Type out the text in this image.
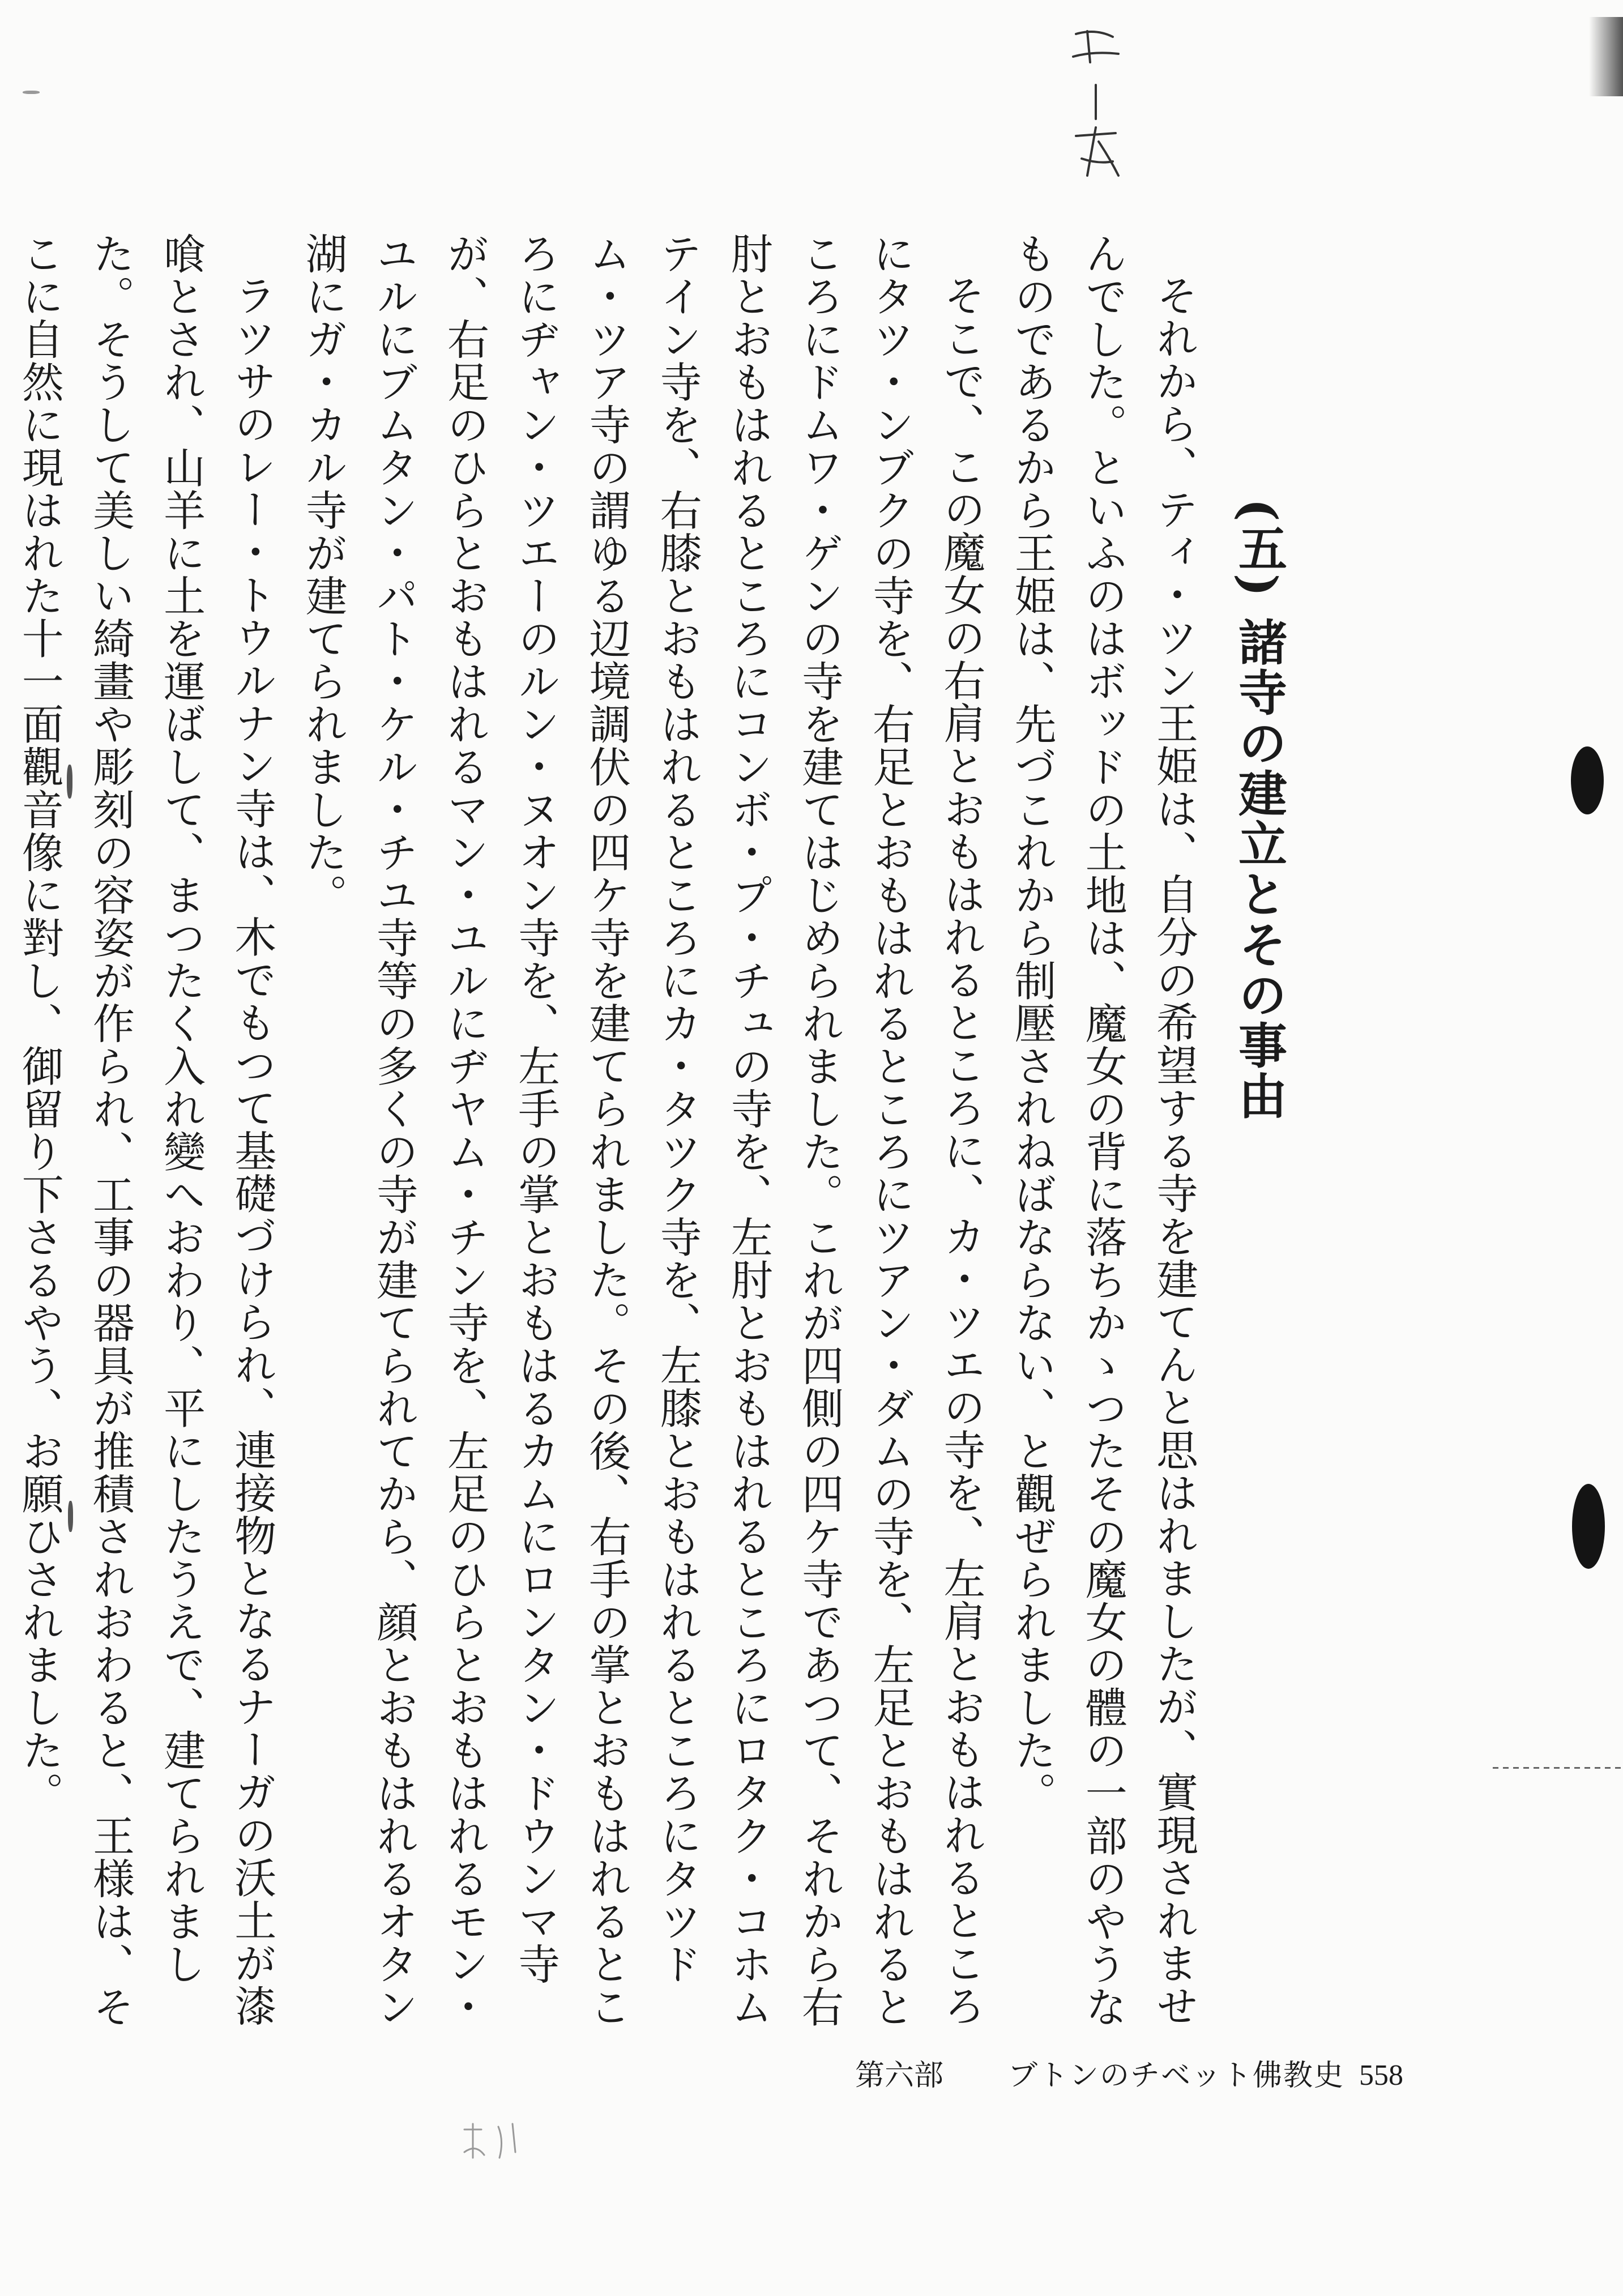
(五) 諸寺の建立とその事由

それから、ティ・ツン王姫は、自分の希望する寺を建てんと思はれましたが、實現されませんでした。といふのはボッドの土地は、魔女の背に落ちかゝつたその魔女の體の一部のやうなものであるから王姫は、先づこれから制壓されねばならない、と觀ぜられました。

そこで、この魔女の右肩とおもはれるところに、カ・ツエの寺を、左肩とおもはれるところにタツ・ンブクの寺を、右足とおもはれるところにツアン・ダムの寺を、左足とおもはれるところにドムワ・ゲンの寺を建てはじめられました。これが四側の四ケ寺であつて、それから右肘とおもはれるところにコンボ・プ・チュの寺を、左肘とおもはれるところにロタク・コホムテイン寺を、右膝とおもはれるところにカ・タツク寺を、左膝とおもはれるところにタツドム・ツア寺の謂ゆる辺境調伏の四ケ寺を建てられました。その後、右手の掌とおもはれるところにヂャン・ツエーのルン・ヌオン寺を、左手の掌とおもはるカムにロンタン・ドウンマ寺が、右足のひらとおもはれるマン・ユルにヂヤム・チン寺を、左足のひらとおもはれるモン・ユルにブムタン・パト・ケル・チユ寺等の多くの寺が建てられてから、顔とおもはれるオタン湖にガ・カル寺が建てられました。

ラツサのレー・トウルナン寺は、木でもつて基礎づけられ、連接物となるナーガの沃土が漆喰とされ、山羊に土を運ばして、まつたく入れ變へおわり、平にしたうえで、建てられました。そうして美しい綺畫や彫刻の容姿が作られ、工事の器具が推積されおわると、王様は、そこに自然に現はれた十一面觀音像に對し、御留り下さるやう、お願ひされました。

第六部 ブトンのチベット佛教史 558
